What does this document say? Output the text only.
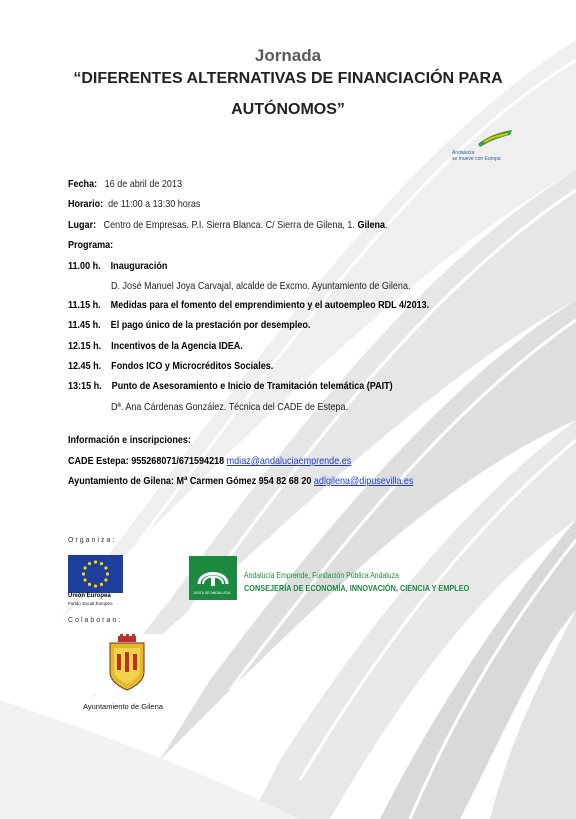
Jornada
“DIFERENTES ALTERNATIVAS DE FINANCIACIÓN PARA
AUTÓNOMOS”
Andalucía
se mueve con Europa
Fecha: 16 de abril de 2013
Horario: de 11:00 a 13:30 horas
Lugar: Centro de Empresas. P.I. Sierra Blanca. C/ Sierra de Gilena, 1. Gilena.
Programa:
11.00 h. Inauguración
D. José Manuel Joya Carvajal, alcalde de Excmo. Ayuntamiento de Gilena.
11.15 h. Medidas para el fomento del emprendimiento y el autoempleo RDL 4/2013.
11.45 h. El pago único de la prestación por desempleo.
12.15 h. Incentivos de la Agencia IDEA.
12.45 h. Fondos ICO y Microcréditos Sociales.
13:15 h. Punto de Asesoramiento e Inicio de Tramitación telemática (PAIT)
Dª. Ana Cárdenas González. Técnica del CADE de Estepa.
Información e inscripciones:
CADE Estepa: 955268071/671594218 mdiaz@andaluciaemprende.es
Ayuntamiento de Gilena: Mª Carmen Gómez 954 82 68 20 adlgilena@dipusevilla.es
Organiza:
Unión Europea
Fondo Social Europeo
JUNTA DE ANDALUCIA
Andalucía Emprende, Fundación Pública Andaluza
CONSEJERÍA DE ECONOMÍA, INNOVACIÓN, CIENCIA Y EMPLEO
Colaboran:
Ayuntamiento de Gilena
